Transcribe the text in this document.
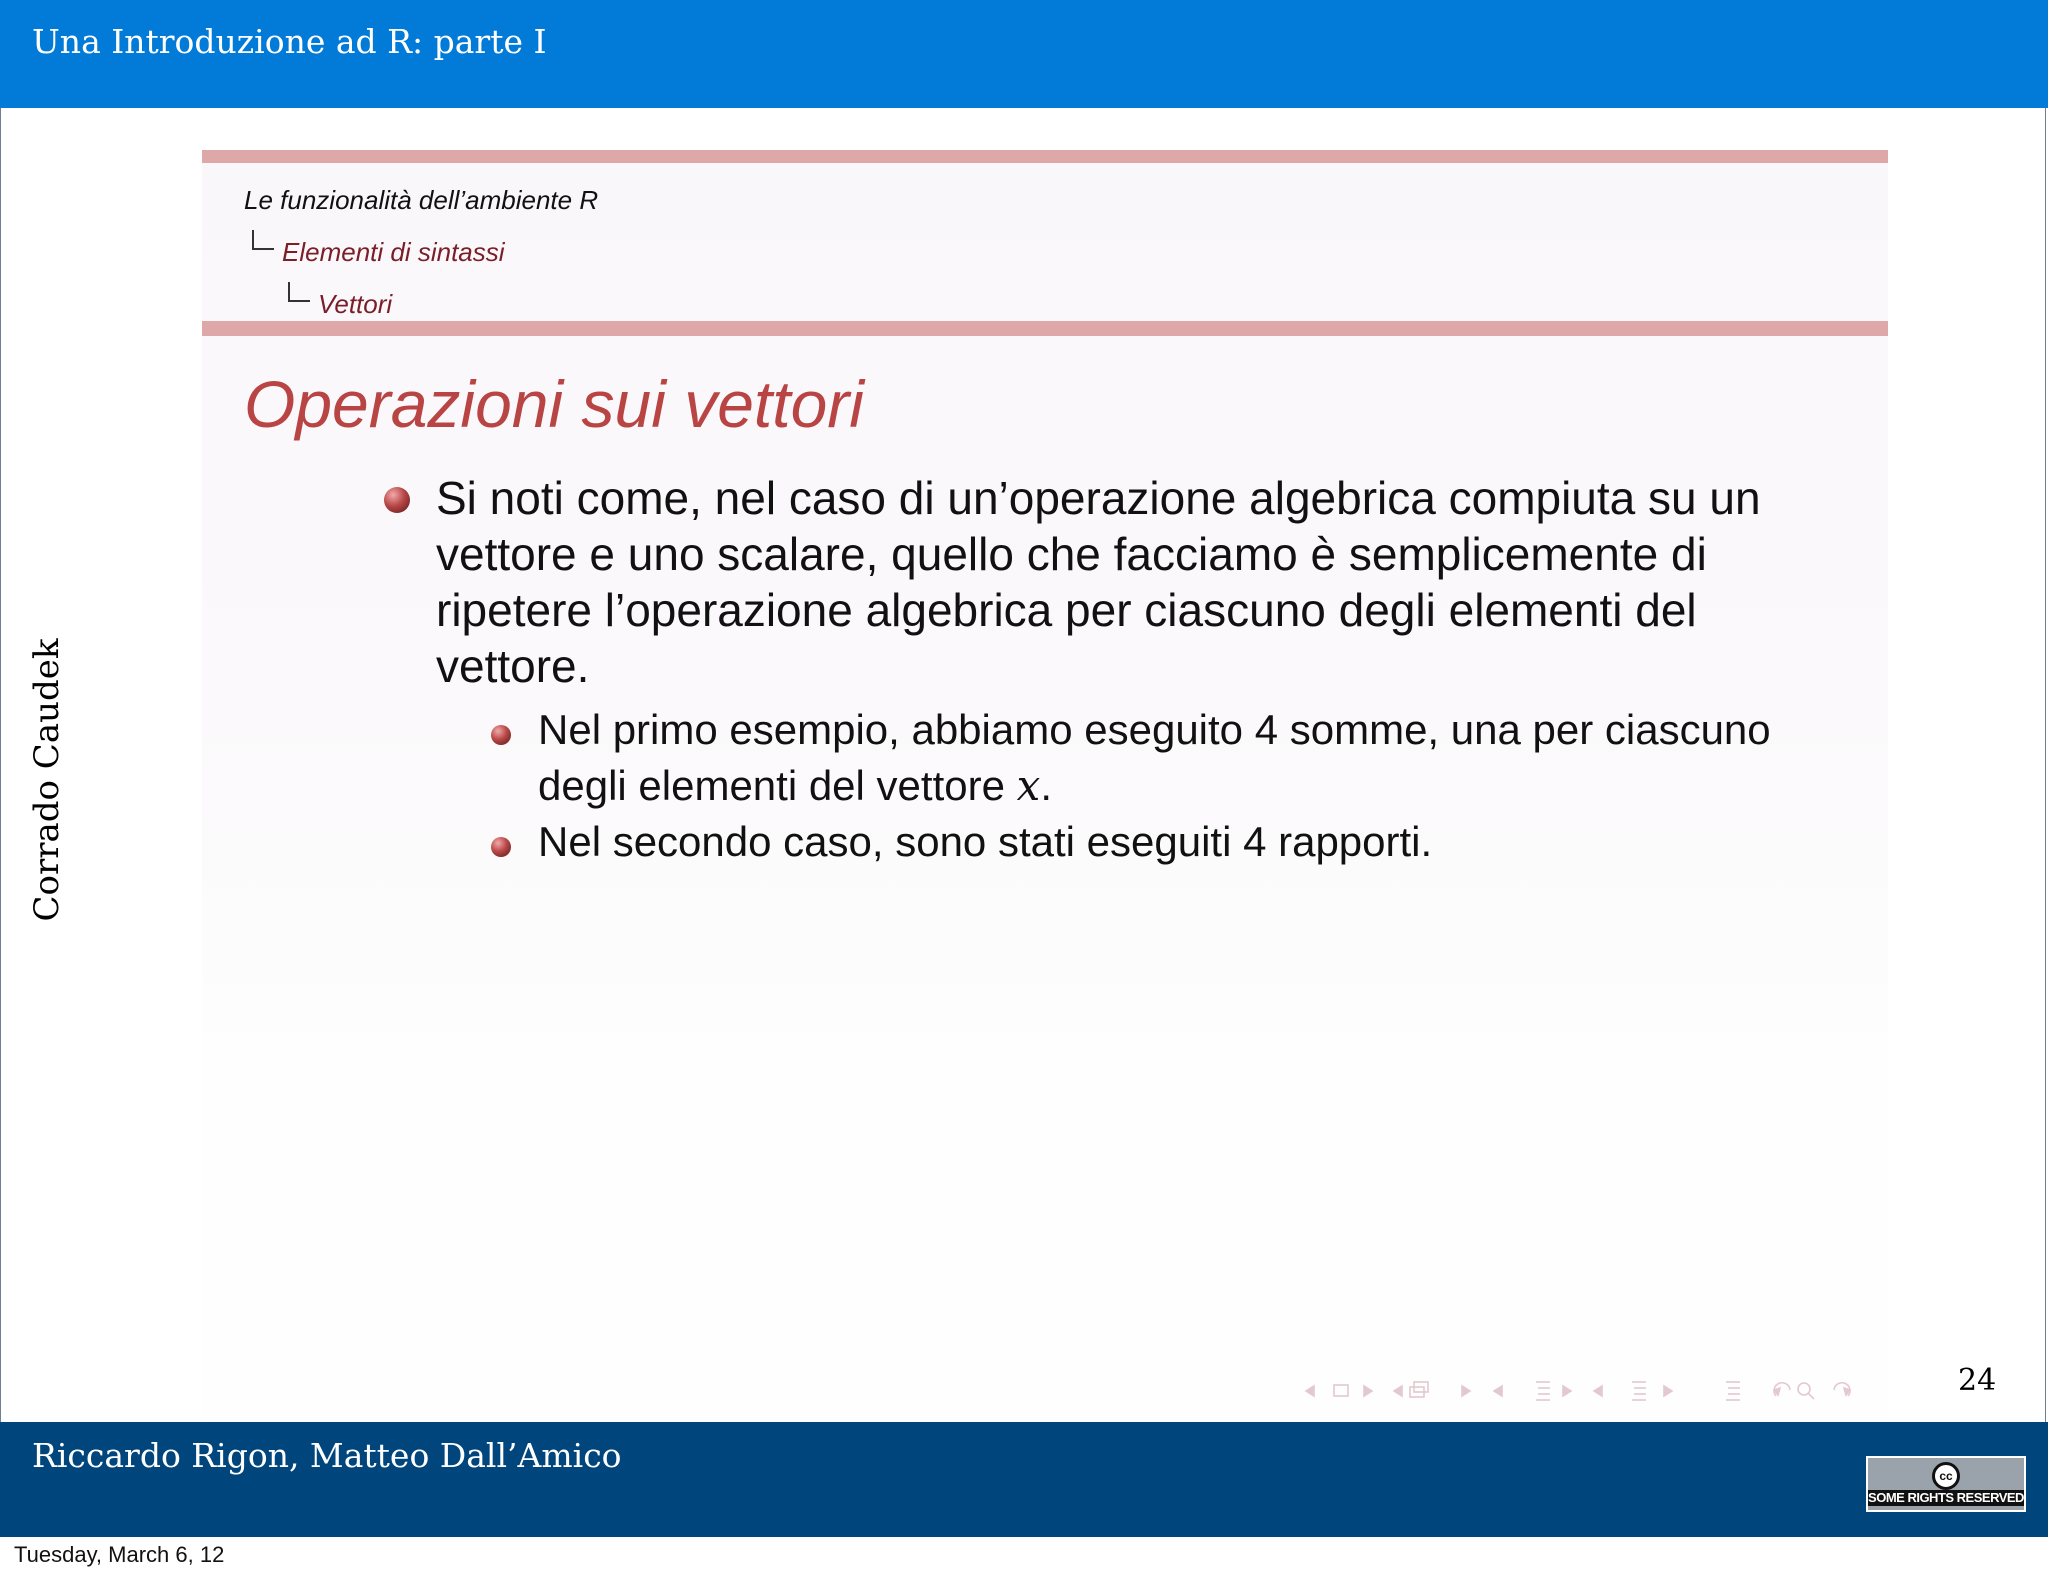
Una Introduzione ad R: parte I
Corrado Caudek
Le funzionalità dell’ambiente R
Elementi di sintassi
Vettori
Operazioni sui vettori
Si noti come, nel caso di un’operazione algebrica compiuta su un vettore e uno scalare, quello che facciamo è semplicemente di ripetere l’operazione algebrica per ciascuno degli elementi del vettore.
Nel primo esempio, abbiamo eseguito 4 somme, una per ciascuno degli elementi del vettore x.
Nel secondo caso, sono stati eseguiti 4 rapporti.
24
Riccardo Rigon, Matteo Dall’Amico
cc
SOME RIGHTS RESERVED
Tuesday, March 6, 12
